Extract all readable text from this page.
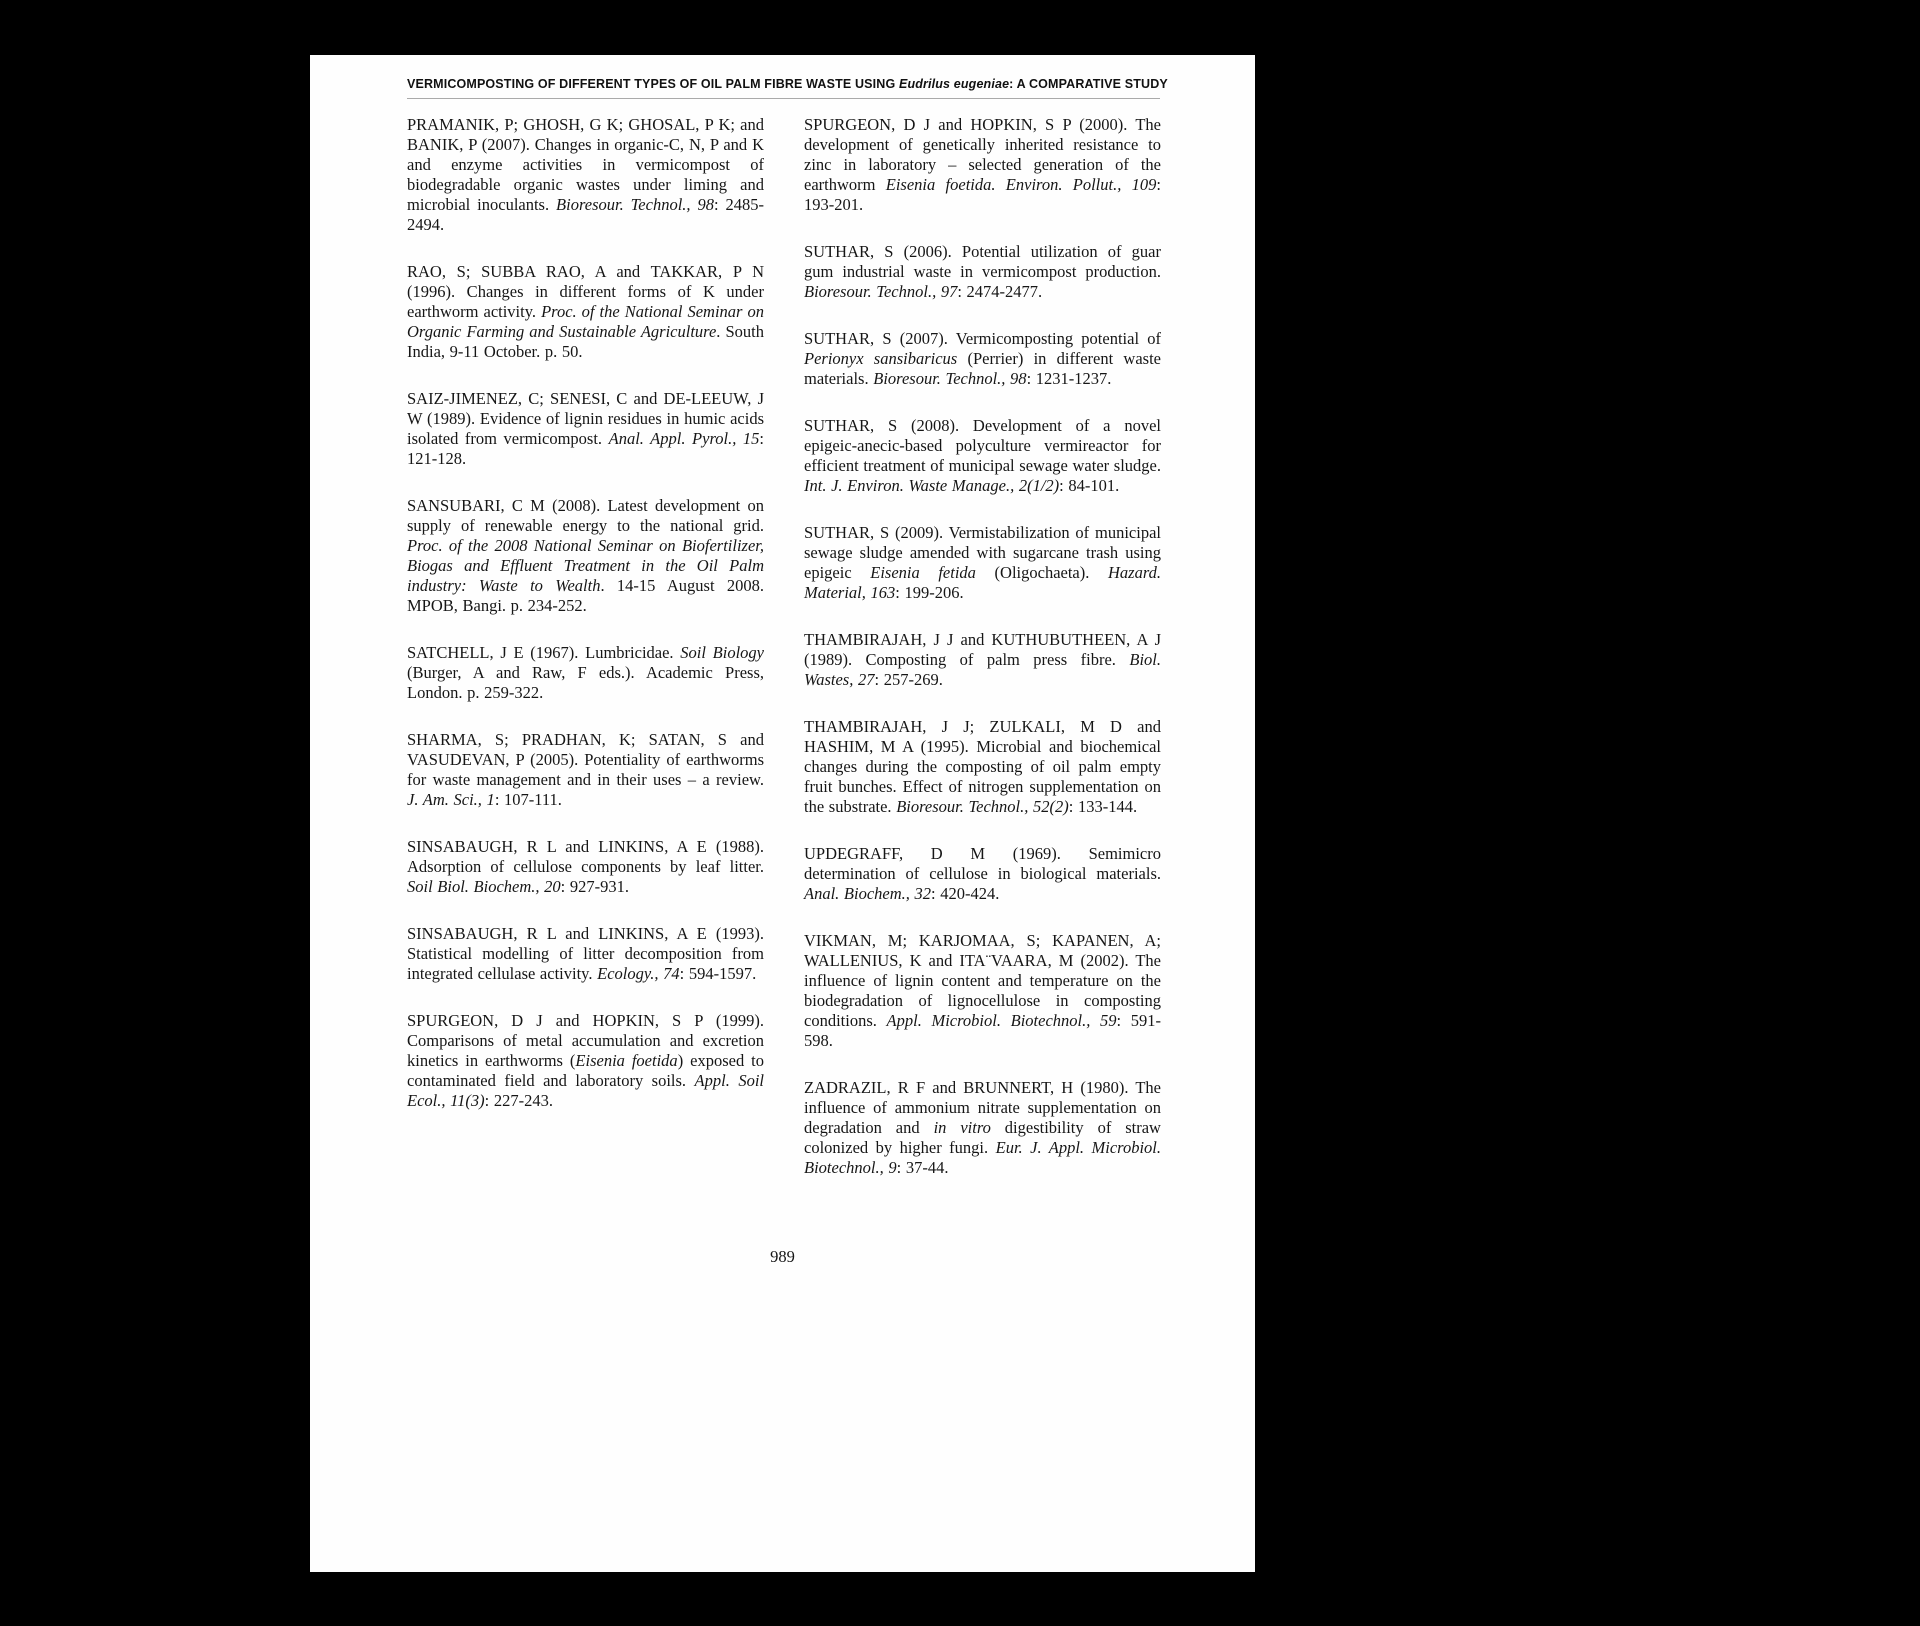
VERMICOMPOSTING OF DIFFERENT TYPES OF OIL PALM FIBRE WASTE USING Eudrilus eugeniae: A COMPARATIVE STUDY

PRAMANIK, P; GHOSH, G K; GHOSAL, P K; and BANIK, P (2007). Changes in organic-C, N, P and K and enzyme activities in vermicompost of biodegradable organic wastes under liming and microbial inoculants. Bioresour. Technol., 98: 2485-2494.

RAO, S; SUBBA RAO, A and TAKKAR, P N (1996). Changes in different forms of K under earthworm activity. Proc. of the National Seminar on Organic Farming and Sustainable Agriculture. South India, 9-11 October. p. 50.

SAIZ-JIMENEZ, C; SENESI, C and DE-LEEUW, J W (1989). Evidence of lignin residues in humic acids isolated from vermicompost. Anal. Appl. Pyrol., 15: 121-128.

SANSUBARI, C M (2008). Latest development on supply of renewable energy to the national grid. Proc. of the 2008 National Seminar on Biofertilizer, Biogas and Effluent Treatment in the Oil Palm industry: Waste to Wealth. 14-15 August 2008. MPOB, Bangi. p. 234-252.

SATCHELL, J E (1967). Lumbricidae. Soil Biology (Burger, A and Raw, F eds.). Academic Press, London. p. 259-322.

SHARMA, S; PRADHAN, K; SATAN, S and VASUDEVAN, P (2005). Potentiality of earthworms for waste management and in their uses – a review. J. Am. Sci., 1: 107-111.

SINSABAUGH, R L and LINKINS, A E (1988). Adsorption of cellulose components by leaf litter. Soil Biol. Biochem., 20: 927-931.

SINSABAUGH, R L and LINKINS, A E (1993). Statistical modelling of litter decomposition from integrated cellulase activity. Ecology., 74: 594-1597.

SPURGEON, D J and HOPKIN, S P (1999). Comparisons of metal accumulation and excretion kinetics in earthworms (Eisenia foetida) exposed to contaminated field and laboratory soils. Appl. Soil Ecol., 11(3): 227-243.

SPURGEON, D J and HOPKIN, S P (2000). The development of genetically inherited resistance to zinc in laboratory – selected generation of the earthworm Eisenia foetida. Environ. Pollut., 109: 193-201.

SUTHAR, S (2006). Potential utilization of guar gum industrial waste in vermicompost production. Bioresour. Technol., 97: 2474-2477.

SUTHAR, S (2007). Vermicomposting potential of Perionyx sansibaricus (Perrier) in different waste materials. Bioresour. Technol., 98: 1231-1237.

SUTHAR, S (2008). Development of a novel epigeic-anecic-based polyculture vermireactor for efficient treatment of municipal sewage water sludge. Int. J. Environ. Waste Manage., 2(1/2): 84-101.

SUTHAR, S (2009). Vermistabilization of municipal sewage sludge amended with sugarcane trash using epigeic Eisenia fetida (Oligochaeta). Hazard. Material, 163: 199-206.

THAMBIRAJAH, J J and KUTHUBUTHEEN, A J (1989). Composting of palm press fibre. Biol. Wastes, 27: 257-269.

THAMBIRAJAH, J J; ZULKALI, M D and HASHIM, M A (1995). Microbial and biochemical changes during the composting of oil palm empty fruit bunches. Effect of nitrogen supplementation on the substrate. Bioresour. Technol., 52(2): 133-144.

UPDEGRAFF, D M (1969). Semimicro determination of cellulose in biological materials. Anal. Biochem., 32: 420-424.

VIKMAN, M; KARJOMAA, S; KAPANEN, A; WALLENIUS, K and ITA¨VAARA, M (2002). The influence of lignin content and temperature on the biodegradation of lignocellulose in composting conditions. Appl. Microbiol. Biotechnol., 59: 591-598.

ZADRAZIL, R F and BRUNNERT, H (1980). The influence of ammonium nitrate supplementation on degradation and in vitro digestibility of straw colonized by higher fungi. Eur. J. Appl. Microbiol. Biotechnol., 9: 37-44.

989
